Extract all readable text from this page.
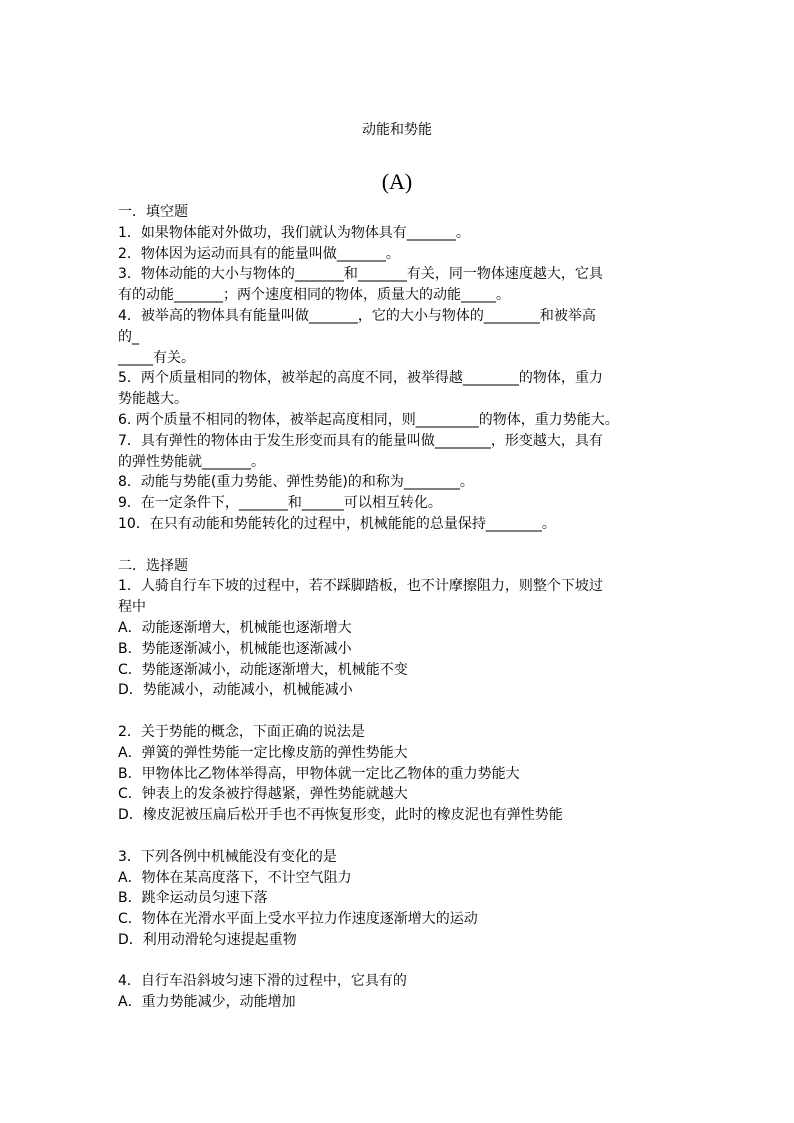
动能和势能
(A)
一．填空题
1．如果物体能对外做功，我们就认为物体具有_______。
2．物体因为运动而具有的能量叫做_______。
3．物体动能的大小与物体的_______和_______有关，同一物体速度越大，它具
有的动能_______；两个速度相同的物体，质量大的动能_____。
4．被举高的物体具有能量叫做_______，它的大小与物体的________和被举高
的_
_____有关。
5．两个质量相同的物体，被举起的高度不同，被举得越________的物体，重力
势能越大。
6. 两个质量不相同的物体，被举起高度相同，则_________的物体，重力势能大。
7．具有弹性的物体由于发生形变而具有的能量叫做________，形变越大，具有
的弹性势能就_______。
8．动能与势能(重力势能、弹性势能)的和称为________。
9．在一定条件下，_______和______可以相互转化。
10．在只有动能和势能转化的过程中，机械能能的总量保持________。
二．选择题
1．人骑自行车下坡的过程中，若不踩脚踏板，也不计摩擦阻力，则整个下坡过
程中
A．动能逐渐增大，机械能也逐渐增大
B．势能逐渐减小，机械能也逐渐减小
C．势能逐渐减小，动能逐渐增大，机械能不变
D．势能减小，动能减小，机械能减小
2．关于势能的概念，下面正确的说法是
A．弹簧的弹性势能一定比橡皮筋的弹性势能大
B．甲物体比乙物体举得高，甲物体就一定比乙物体的重力势能大
C．钟表上的发条被拧得越紧，弹性势能就越大
D．橡皮泥被压扁后松开手也不再恢复形变，此时的橡皮泥也有弹性势能
3．下列各例中机械能没有变化的是
A．物体在某高度落下，不计空气阻力
B．跳伞运动员匀速下落
C．物体在光滑水平面上受水平拉力作速度逐渐增大的运动
D．利用动滑轮匀速提起重物
4．自行车沿斜坡匀速下滑的过程中，它具有的
A．重力势能减少，动能增加
